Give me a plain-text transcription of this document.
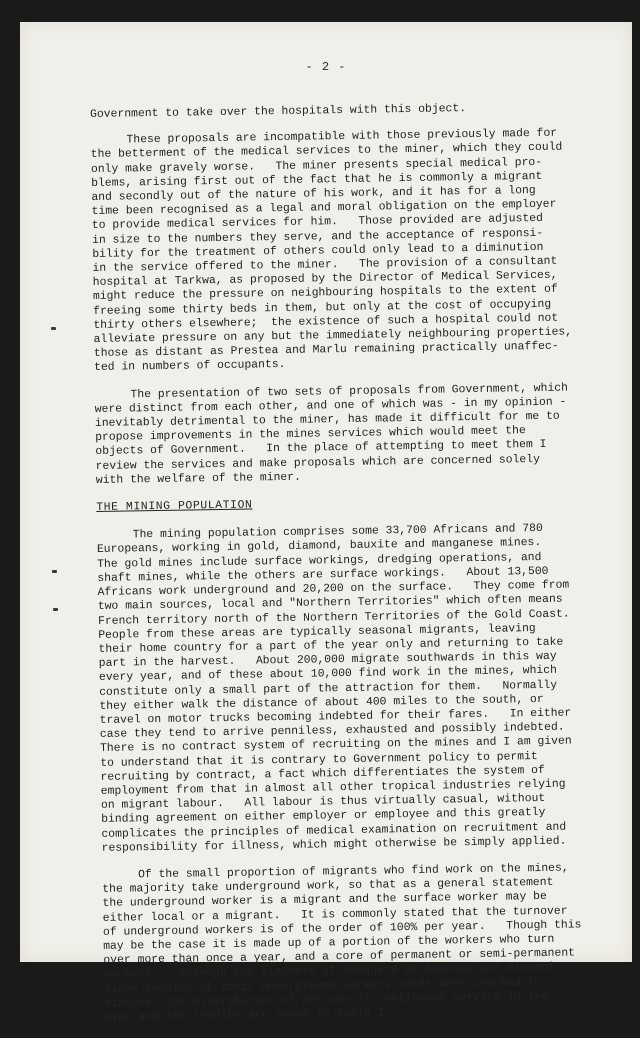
- 2 -
Government to take over the hospitals with this object.
These proposals are incompatible with those previously made for
the betterment of the medical services to the miner, which they could
only make gravely worse.   The miner presents special medical pro-
blems, arising first out of the fact that he is commonly a migrant
and secondly out of the nature of his work, and it has for a long
time been recognised as a legal and moral obligation on the employer
to provide medical services for him.   Those provided are adjusted
in size to the numbers they serve, and the acceptance of responsi-
bility for the treatment of others could only lead to a diminution
in the service offered to the miner.   The provision of a consultant
hospital at Tarkwa, as proposed by the Director of Medical Services,
might reduce the pressure on neighbouring hospitals to the extent of
freeing some thirty beds in them, but only at the cost of occupying
thirty others elsewhere;  the existence of such a hospital could not
alleviate pressure on any but the immediately neighbouring properties,
those as distant as Prestea and Marlu remaining practically unaffec-
ted in numbers of occupants.
The presentation of two sets of proposals from Government, which
were distinct from each other, and one of which was - in my opinion -
inevitably detrimental to the miner, has made it difficult for me to
propose improvements in the mines services which would meet the
objects of Government.   In the place of attempting to meet them I
review the services and make proposals which are concerned solely
with the welfare of the miner.
THE MINING POPULATION
The mining population comprises some 33,700 Africans and 780
Europeans, working in gold, diamond, bauxite and manganese mines.
The gold mines include surface workings, dredging operations, and
shaft mines, while the others are surface workings.   About 13,500
Africans work underground and 20,200 on the surface.   They come from
two main sources, local and "Northern Territories" which often means
French territory north of the Northern Territories of the Gold Coast.
People from these areas are typically seasonal migrants, leaving
their home country for a part of the year only and returning to take
part in the harvest.   About 200,000 migrate southwards in this way
every year, and of these about 10,000 find work in the mines, which
constitute only a small part of the attraction for them.   Normally
they either walk the distance of about 400 miles to the south, or
travel on motor trucks becoming indebted for their fares.   In either
case they tend to arrive penniless, exhausted and possibly indebted.
There is no contract system of recruiting on the mines and I am given
to understand that it is contrary to Government policy to permit
recruiting by contract, a fact which differentiates the system of
employment from that in almost all other tropical industries relying
on migrant labour.   All labour is thus virtually casual, without
binding agreement on either employer or employee and this greatly
complicates the principles of medical examination on recruitment and
responsibility for illness, which might otherwise be simply applied.
Of the small proportion of migrants who find work on the mines,
the majority take underground work, so that as a general statement
the underground worker is a migrant and the surface worker may be
either local or a migrant.   It is commonly stated that the turnover
of underground workers is of the order of 100% per year.   Though this
may be the case it is made up of a portion of the workers who turn
over more than once a year, and a core of permanent or semi-permanent
workers.   Through the kindness of Managers at Konongo and Bibiani
large samples of their underground workers cards were checked to
discover the distribution of periods of continuous service in the
mine and the results are shown in Table I.
